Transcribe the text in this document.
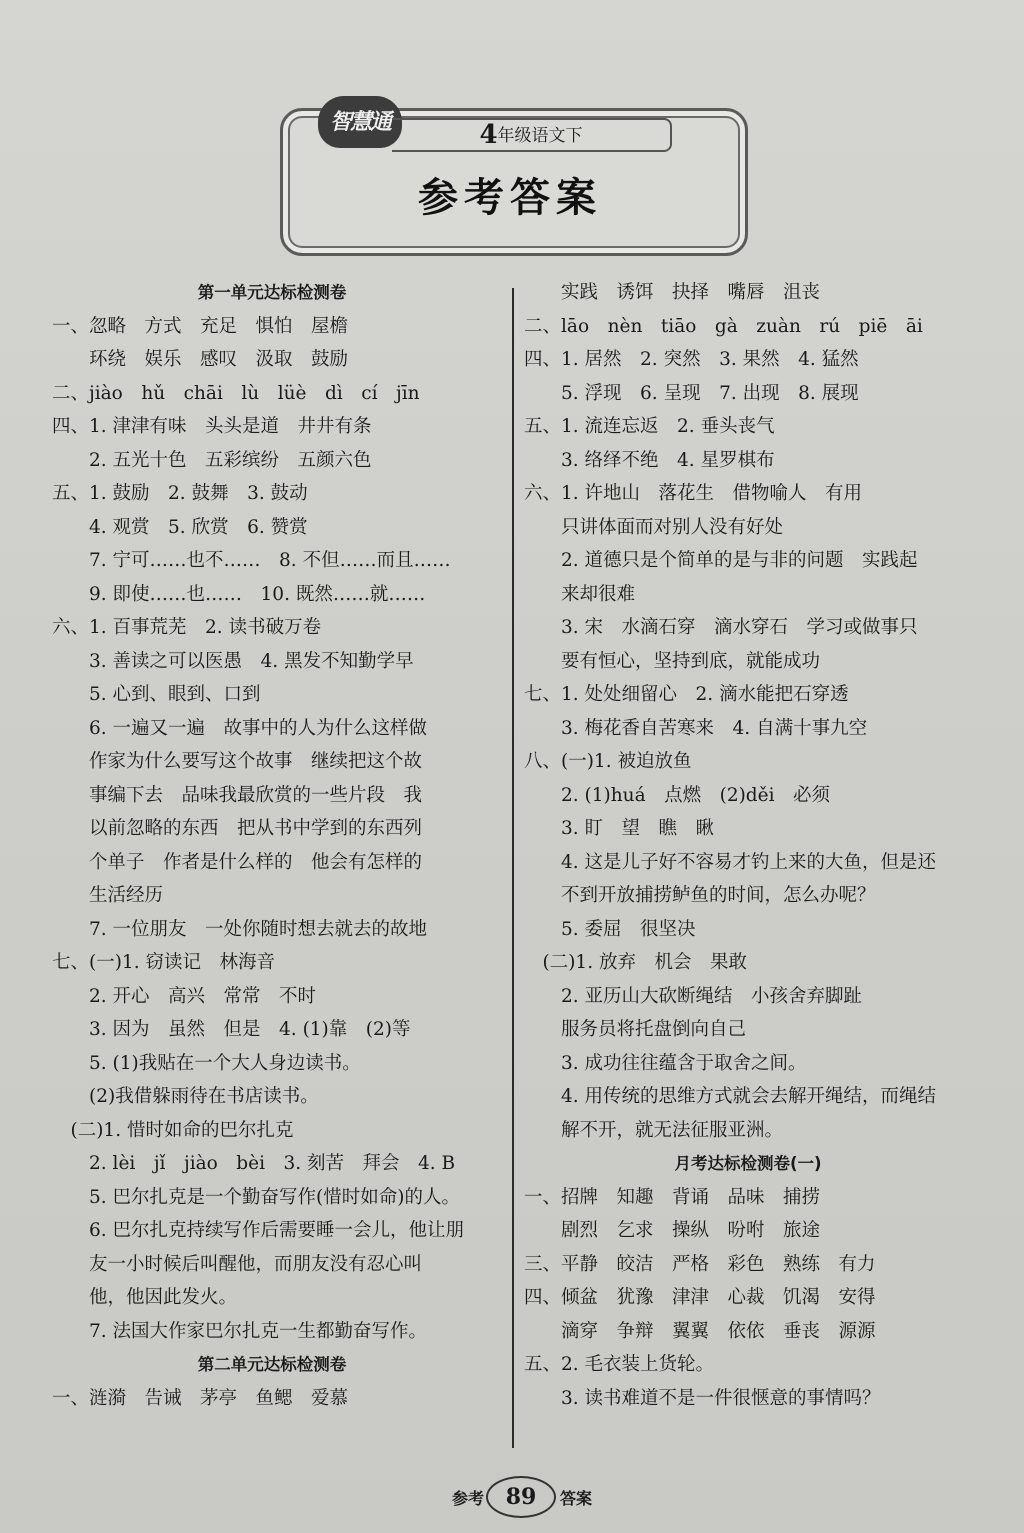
智慧通	4年级语文下
参考答案
第一单元达标检测卷
一、忽略　方式　充足　惧怕　屋檐
　　环绕　娱乐　感叹　汲取　鼓励
二、jiào　hǔ　chāi　lù　lüè　dì　cí　jīn
四、1. 津津有味　头头是道　井井有条
　　2. 五光十色　五彩缤纷　五颜六色
五、1. 鼓励　2. 鼓舞　3. 鼓动
　　4. 观赏　5. 欣赏　6. 赞赏
　　7. 宁可……也不……　8. 不但……而且……
　　9. 即使……也……　10. 既然……就……
六、1. 百事荒芜　2. 读书破万卷
　　3. 善读之可以医愚　4. 黑发不知勤学早
　　5. 心到、眼到、口到
　　6. 一遍又一遍　故事中的人为什么这样做
　　作家为什么要写这个故事　继续把这个故
　　事编下去　品味我最欣赏的一些片段　我
　　以前忽略的东西　把从书中学到的东西列
　　个单子　作者是什么样的　他会有怎样的
　　生活经历
　　7. 一位朋友　一处你随时想去就去的故地
七、(一)1. 窃读记　林海音
　　2. 开心　高兴　常常　不时
　　3. 因为　虽然　但是　4. (1)靠　(2)等
　　5. (1)我贴在一个大人身边读书。
　　(2)我借躲雨待在书店读书。
　(二)1. 惜时如命的巴尔扎克
　　2. lèi　jǐ　jiào　bèi　3. 刻苦　拜会　4. B
　　5. 巴尔扎克是一个勤奋写作(惜时如命)的人。
　　6. 巴尔扎克持续写作后需要睡一会儿，他让朋
　　友一小时候后叫醒他，而朋友没有忍心叫
　　他，他因此发火。
　　7. 法国大作家巴尔扎克一生都勤奋写作。
第二单元达标检测卷
一、涟漪　告诫　茅亭　鱼鳃　爱慕
　　实践　诱饵　抉择　嘴唇　沮丧
二、lāo　nèn　tiāo　gà　zuàn　rú　piē　āi
四、1. 居然　2. 突然　3. 果然　4. 猛然
　　5. 浮现　6. 呈现　7. 出现　8. 展现
五、1. 流连忘返　2. 垂头丧气
　　3. 络绎不绝　4. 星罗棋布
六、1. 许地山　落花生　借物喻人　有用
　　只讲体面而对别人没有好处
　　2. 道德只是个简单的是与非的问题　实践起
　　来却很难
　　3. 宋　水滴石穿　滴水穿石　学习或做事只
　　要有恒心，坚持到底，就能成功
七、1. 处处细留心　2. 滴水能把石穿透
　　3. 梅花香自苦寒来　4. 自满十事九空
八、(一)1. 被迫放鱼
　　2. (1)huá　点燃　(2)děi　必须
　　3. 盯　望　瞧　瞅
　　4. 这是儿子好不容易才钓上来的大鱼，但是还
　　不到开放捕捞鲈鱼的时间，怎么办呢？
　　5. 委屈　很坚决
　(二)1. 放弃　机会　果敢
　　2. 亚历山大砍断绳结　小孩舍弃脚趾
　　服务员将托盘倒向自己
　　3. 成功往往蕴含于取舍之间。
　　4. 用传统的思维方式就会去解开绳结，而绳结
　　解不开，就无法征服亚洲。
月考达标检测卷(一)
一、招牌　知趣　背诵　品味　捕捞
　　剧烈　乞求　操纵　吩咐　旅途
三、平静　皎洁　严格　彩色　熟练　有力
四、倾盆　犹豫　津津　心裁　饥渴　安得
　　滴穿　争辩　翼翼　依依　垂丧　源源
五、2. 毛衣装上货轮。
　　3. 读书难道不是一件很惬意的事情吗？
参考 89	答案
